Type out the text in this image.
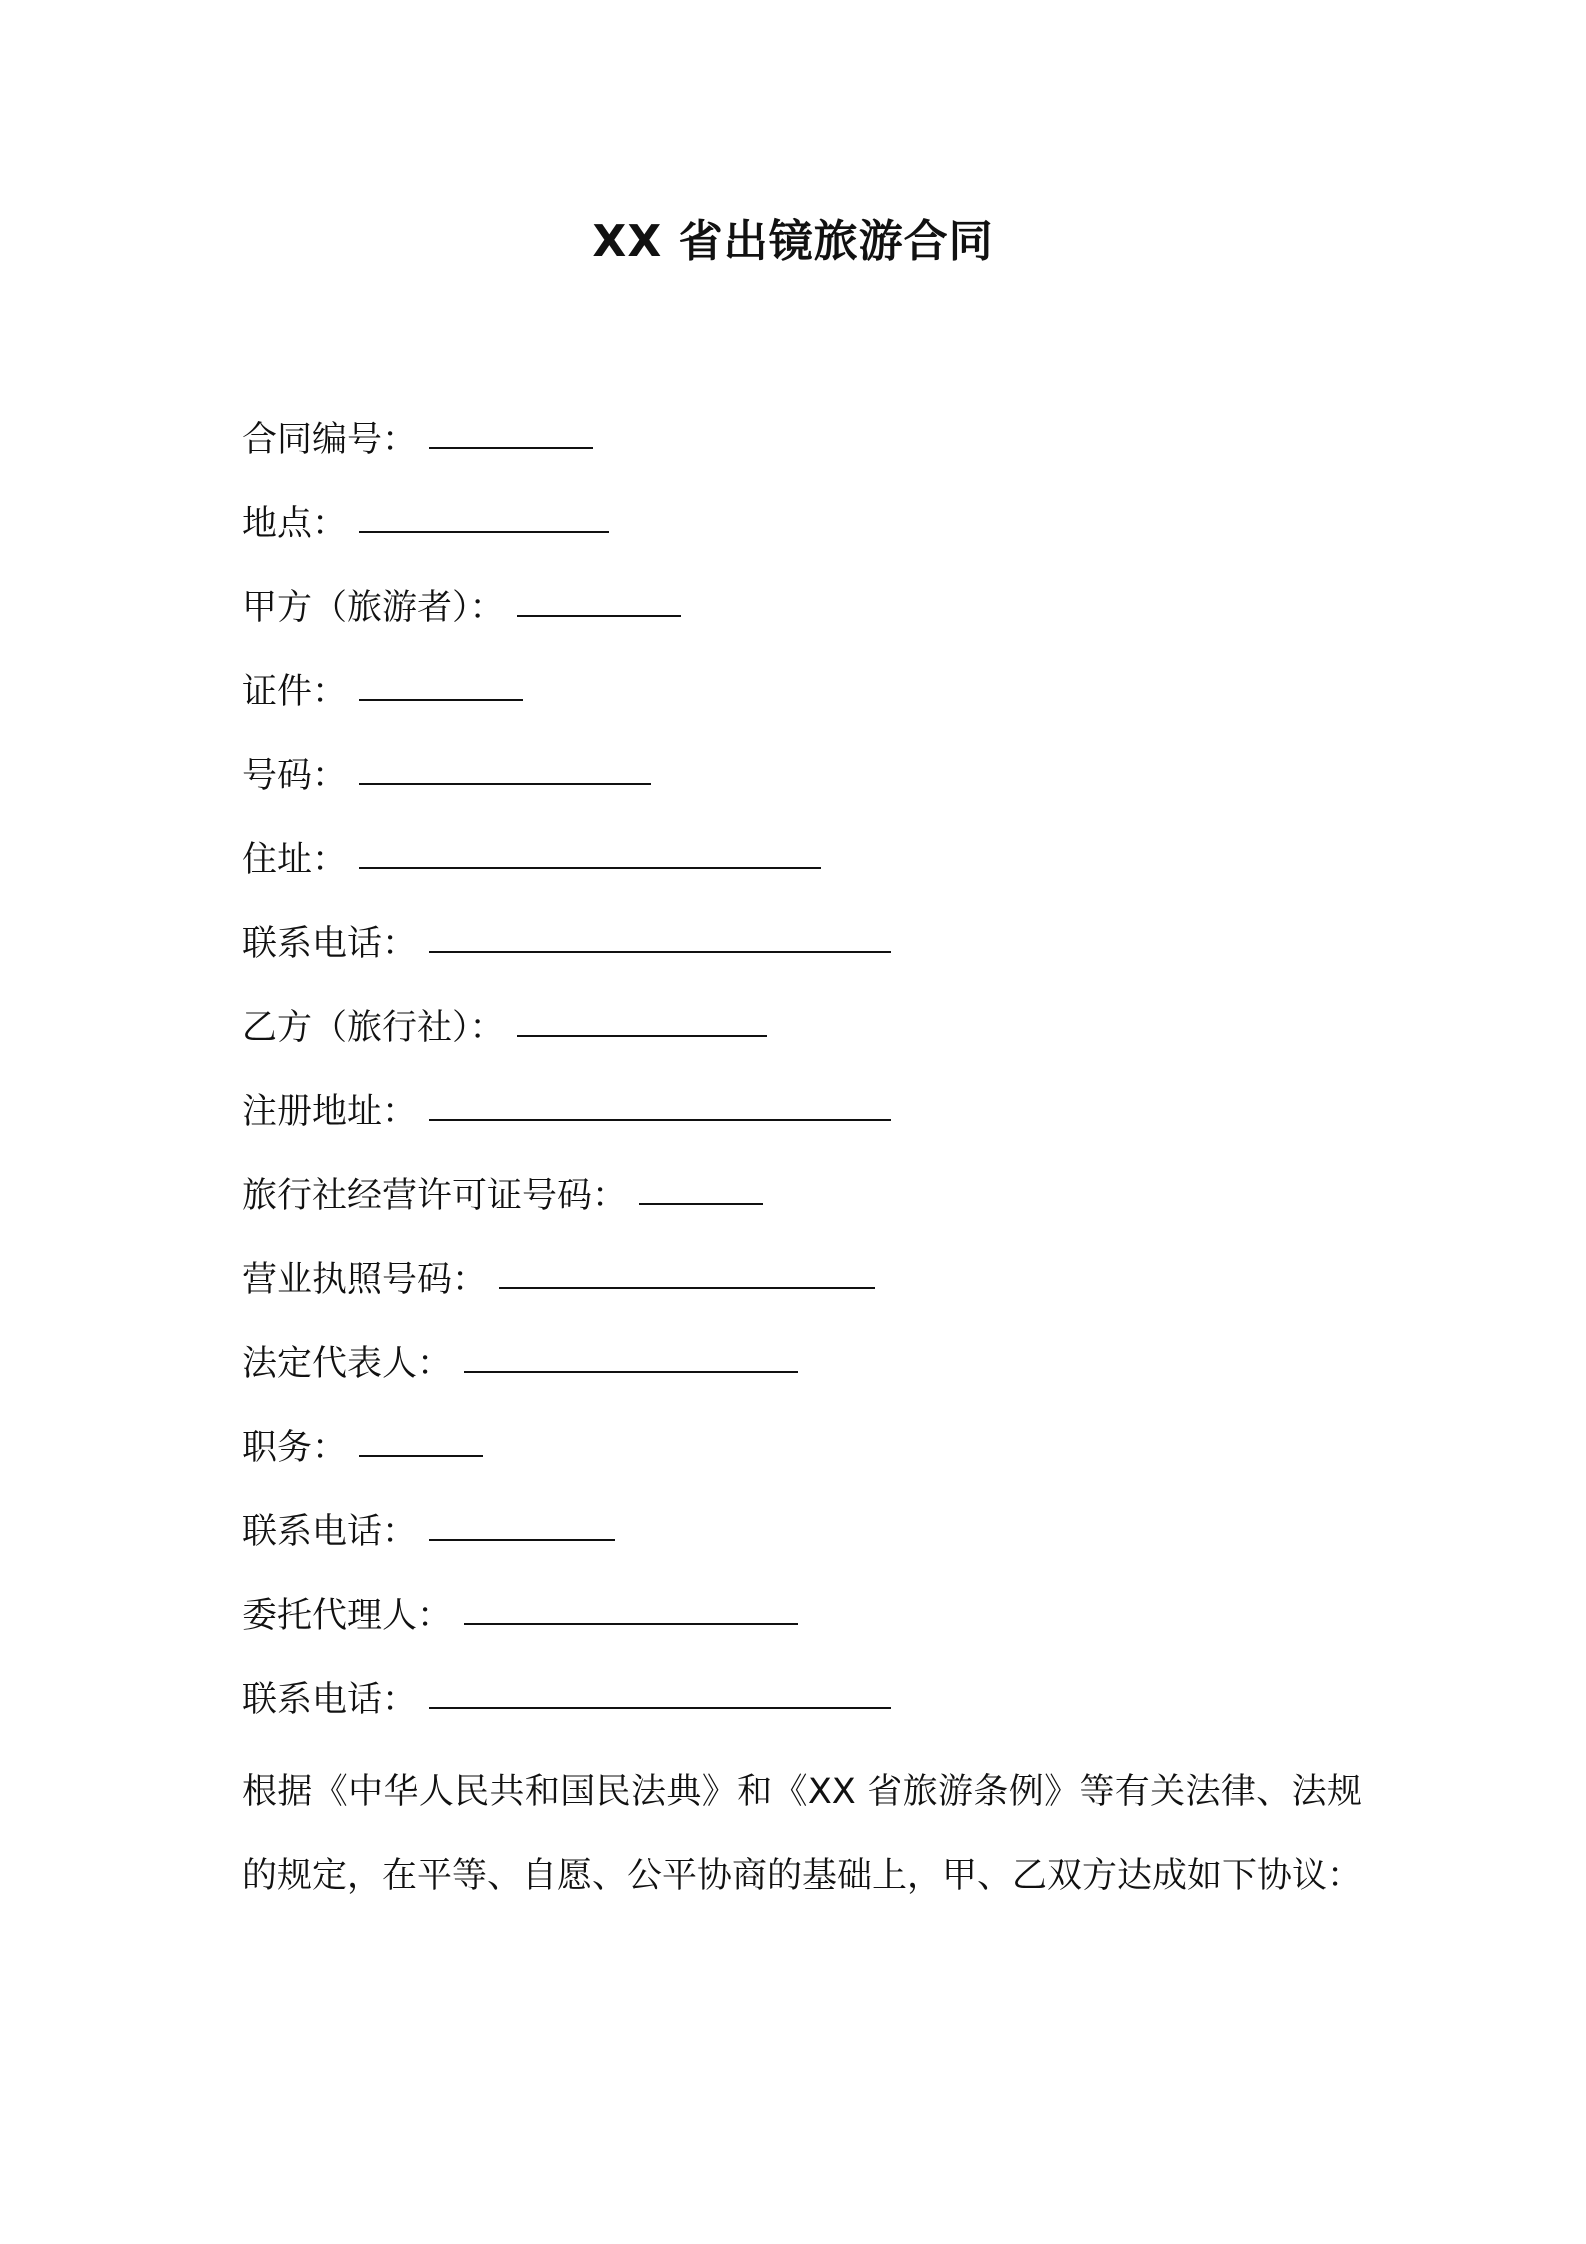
XX 省出镜旅游合同
合同编号：
地点：
甲方（旅游者）：
证件：
号码：
住址：
联系电话：
乙方（旅行社）：
注册地址：
旅行社经营许可证号码：
营业执照号码：
法定代表人：
职务：
联系电话：
委托代理人：
联系电话：
根据《中华人民共和国民法典》和《XX 省旅游条例》等有关法律、法规的规定，在平等、自愿、公平协商的基础上，甲、乙双方达成如下协议：
